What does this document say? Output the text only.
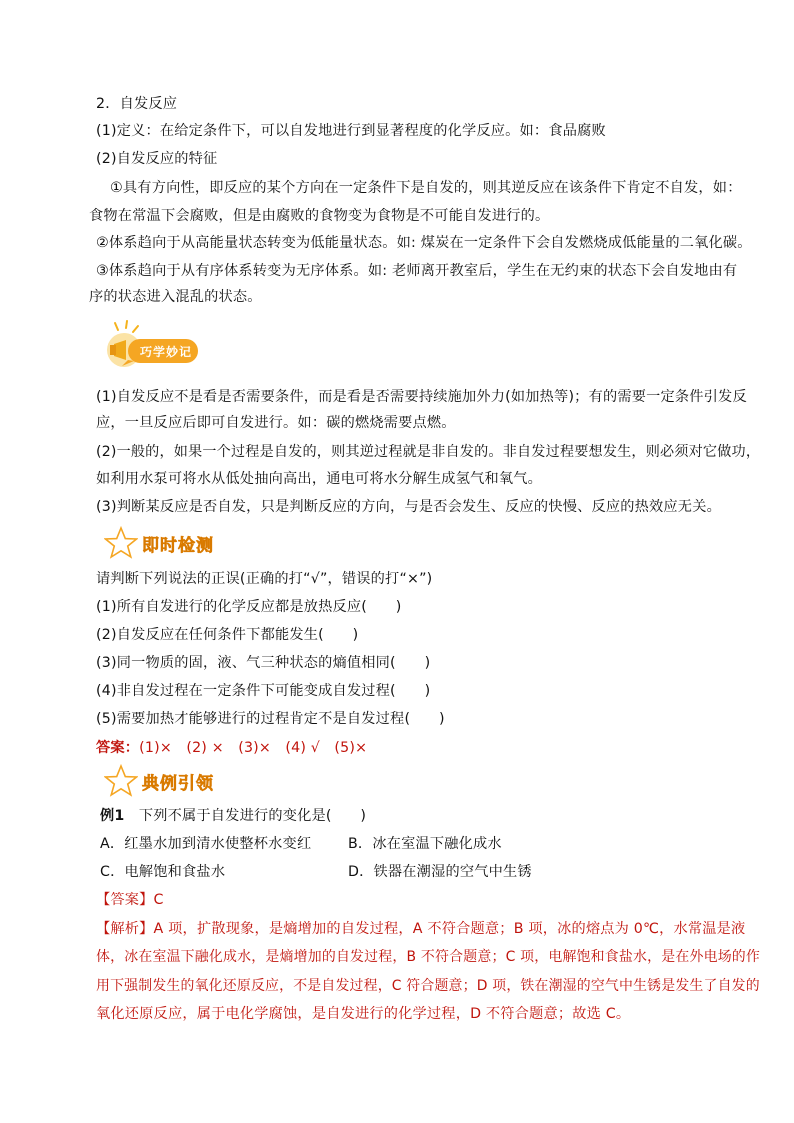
2．自发反应
(1)定义：在给定条件下，可以自发地进行到显著程度的化学反应。如：食品腐败
(2)自发反应的特征
①具有方向性，即反应的某个方向在一定条件下是自发的，则其逆反应在该条件下肯定不自发，如：
食物在常温下会腐败，但是由腐败的食物变为食物是不可能自发进行的。
②体系趋向于从高能量状态转变为低能量状态。如: 煤炭在一定条件下会自发燃烧成低能量的二氧化碳。
③体系趋向于从有序体系转变为无序体系。如: 老师离开教室后，学生在无约束的状态下会自发地由有
序的状态进入混乱的状态。
巧学妙记
(1)自发反应不是看是否需要条件，而是看是否需要持续施加外力(如加热等)；有的需要一定条件引发反
应，一旦反应后即可自发进行。如：碳的燃烧需要点燃。
(2)一般的，如果一个过程是自发的，则其逆过程就是非自发的。非自发过程要想发生，则必须对它做功，
如利用水泵可将水从低处抽向高出，通电可将水分解生成氢气和氧气。
(3)判断某反应是否自发，只是判断反应的方向，与是否会发生、反应的快慢、反应的热效应无关。
即时检测
请判断下列说法的正误(正确的打“√”，错误的打“×”)
(1)所有自发进行的化学反应都是放热反应(　　)
(2)自发反应在任何条件下都能发生(　　)
(3)同一物质的固，液、气三种状态的熵值相同(　　)
(4)非自发过程在一定条件下可能变成自发过程(　　)
(5)需要加热才能够进行的过程肯定不是自发过程(　　)
答案：(1)×　(2) ×　(3)×　(4) √　(5)×
典例引领
例1　下列不属于自发进行的变化是(　　)
A．红墨水加到清水使整杯水变红	B．冰在室温下融化成水
C．电解饱和食盐水	D．铁器在潮湿的空气中生锈
【答案】C
【解析】A 项，扩散现象，是熵增加的自发过程，A 不符合题意；B 项，冰的熔点为 0℃，水常温是液
体，冰在室温下融化成水，是熵增加的自发过程，B 不符合题意；C 项，电解饱和食盐水，是在外电场的作
用下强制发生的氧化还原反应，不是自发过程，C 符合题意；D 项，铁在潮湿的空气中生锈是发生了自发的
氧化还原反应，属于电化学腐蚀，是自发进行的化学过程，D 不符合题意；故选 C。
